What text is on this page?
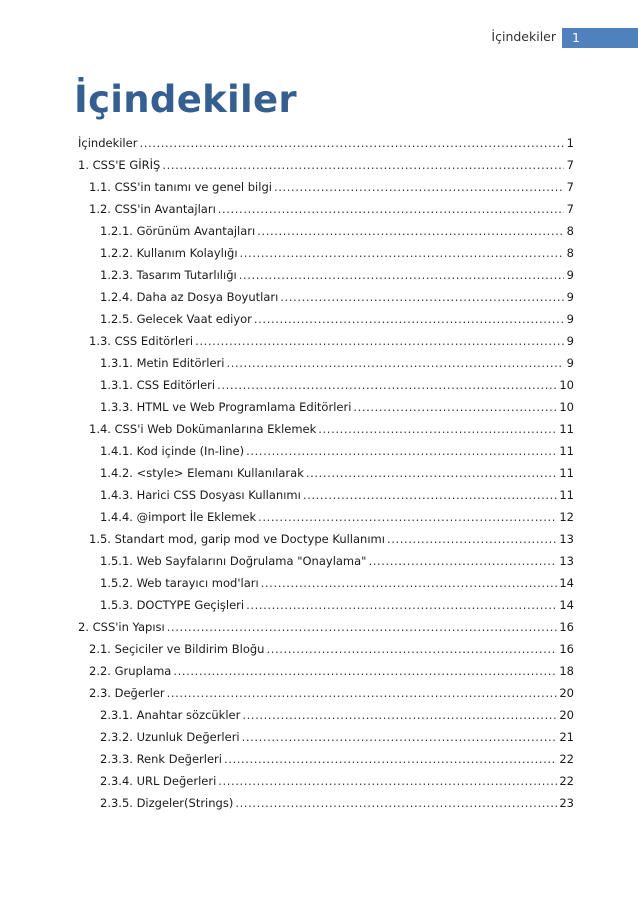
İçindekiler	1
İçindekiler
İçindekiler .....	1
1. CSS'E GİRİŞ .....	7
1.1. CSS'in tanımı ve genel bilgi .....	7
1.2. CSS'in Avantajları .....	7
1.2.1. Görünüm Avantajları .....	8
1.2.2. Kullanım Kolaylığı .....	8
1.2.3. Tasarım Tutarlılığı .....	9
1.2.4. Daha az Dosya Boyutları .....	9
1.2.5. Gelecek Vaat ediyor .....	9
1.3. CSS Editörleri .....	9
1.3.1. Metin Editörleri .....	9
1.3.1. CSS Editörleri .....	10
1.3.3. HTML ve Web Programlama Editörleri .....	10
1.4. CSS'i Web Dokümanlarına Eklemek .....	11
1.4.1. Kod içinde (In-line) .....	11
1.4.2. <style> Elemanı Kullanılarak .....	11
1.4.3. Harici CSS Dosyası Kullanımı .....	11
1.4.4. @import İle Eklemek .....	12
1.5. Standart mod, garip mod ve Doctype Kullanımı .....	13
1.5.1. Web Sayfalarını Doğrulama "Onaylama" .....	13
1.5.2. Web tarayıcı mod'ları .....	14
1.5.3. DOCTYPE Geçişleri .....	14
2. CSS'in Yapısı .....	16
2.1. Seçiciler ve Bildirim Bloğu .....	16
2.2. Gruplama .....	18
2.3. Değerler .....	20
2.3.1. Anahtar sözcükler .....	20
2.3.2. Uzunluk Değerleri .....	21
2.3.3. Renk Değerleri .....	22
2.3.4. URL Değerleri .....	22
2.3.5. Dizgeler(Strings) .....	23
